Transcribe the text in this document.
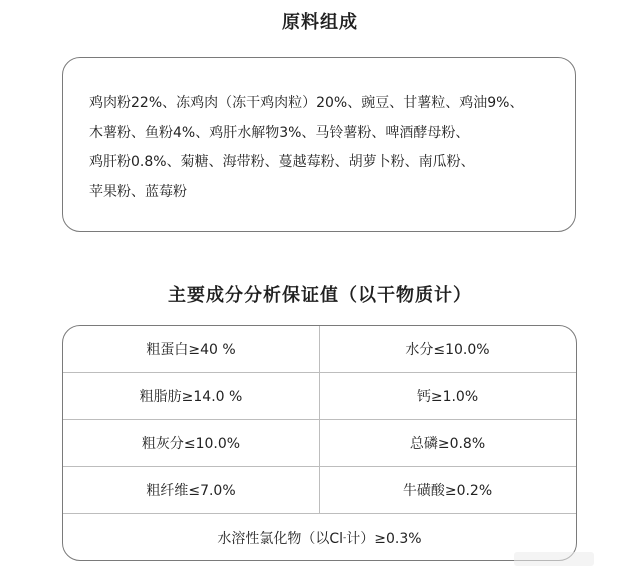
原料组成
鸡肉粉22%、冻鸡肉（冻干鸡肉粒）20%、豌豆、甘薯粒、鸡油9%、
木薯粉、鱼粉4%、鸡肝水解物3%、马铃薯粉、啤酒酵母粉、
鸡肝粉0.8%、菊糖、海带粉、蔓越莓粉、胡萝卜粉、南瓜粉、
苹果粉、蓝莓粉
主要成分分析保证值（以干物质计）
粗蛋白≥40 %	水分≤10.0%
粗脂肪≥14.0 %	钙≥1.0%
粗灰分≤10.0%	总磷≥0.8%
粗纤维≤7.0%	牛磺酸≥0.2%
水溶性氯化物（以Cl - 计）≥0.3%
